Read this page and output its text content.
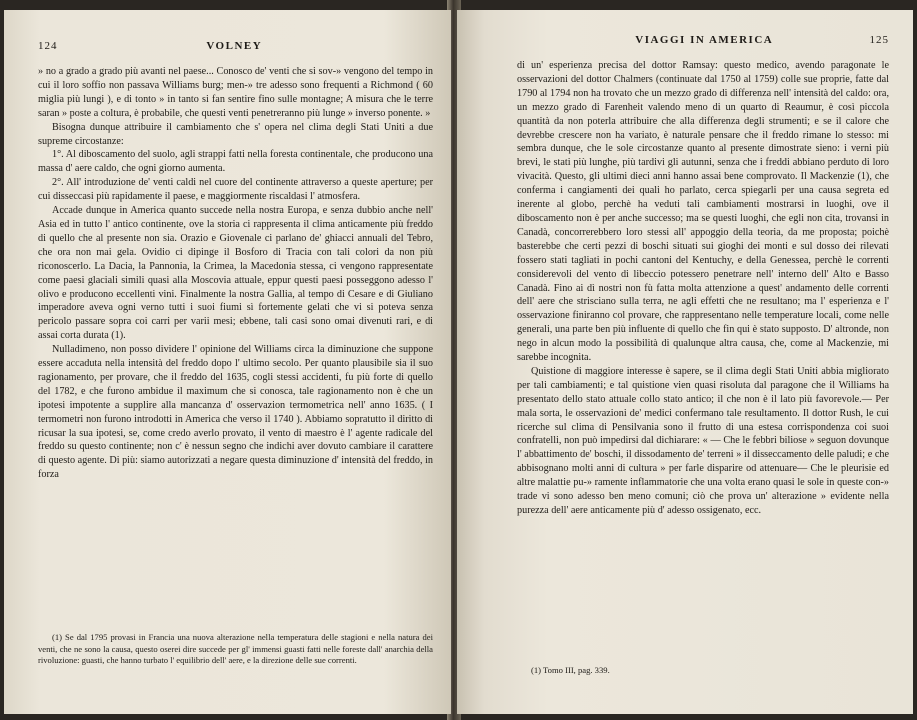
124	VOLNEY

» no a grado a grado più avanti nel paese... Conosco de' venti che si sov-» vengono del tempo in cui il loro soffio non passava Williams burg; men-» tre adesso sono frequenti a Richmond ( 60 miglia più lungi ), e di tonto » in tanto si fan sentire fino sulle montagne; A misura che le terre saran » poste a coltura, è probabile, che questi venti penetreranno più lunge » inverso ponente. »

Bisogna dunque attribuire il cambiamento che s' opera nel clima degli Stati Uniti a due supreme circostanze:

1°. Al diboscamento del suolo, agli strappi fatti nella foresta continentale, che producono una massa d' aere caldo, che ogni giorno aumenta.

2°. All' introduzione de' venti caldi nel cuore del continente attraverso a queste aperture; per cui disseccasi più rapidamente il paese, e maggiormente riscaldasi l' atmosfera.

Accade dunque in America quanto succede nella nostra Europa, e senza dubbio anche nell' Asia ed in tutto l' antico continente, ove la storia ci rappresenta il clima anticamente più freddo di quello che al presente non sia. Orazio e Giovenale ci parlano de' ghiacci annuali del Tebro, che ora non mai gela. Ovidio ci dipinge il Bosforo di Tracia con tali colori da non più riconoscerlo. La Dacia, la Pannonia, la Crimea, la Macedonia stessa, ci vengono rappresentate come paesi glaciali simili quasi alla Moscovia attuale, eppur questi paesi posseggono adesso l' olivo e producono eccellenti vini. Finalmente la nostra Gallia, al tempo di Cesare e di Giuliano imperadore aveva ogni verno tutti i suoi fiumi sì fortemente gelati che vi si poteva senza pericolo passare sopra coi carri per varii mesi; ebbene, tali casi sono omai divenuti rari, e di assai corta durata (1).

Nulladimeno, non posso dividere l' opinione del Williams circa la diminuzione che suppone essere accaduta nella intensità del freddo dopo l' ultimo secolo. Per quanto plausibile sia il suo ragionamento, per provare, che il freddo del 1635, cogli stessi accidenti, fu più forte di quello del 1782, e che furono ambidue il maximum che si conosca, tale ragionamento non è che un ipotesi impotente a supplire alla mancanza d' osservazion termometrica nell' anno 1635. ( I termometri non furono introdotti in America che verso il 1740 ). Abbiamo sopratutto il diritto di ricusar la sua ipotesi, se, come credo averlo provato, il vento di maestro è l' agente radicale del freddo su questo continente; non c' è nessun segno che indichi aver dovuto cambiare il carattere di questo agente. Di più: siamo autorizzati a negare questa diminuzione d' intensità del freddo, in forza

(1) Se dal 1795 provasi in Francia una nuova alterazione nella temperatura delle stagioni e nella natura dei venti, che ne sono la causa, questo oserei dire succede per gl' immensi guasti fatti nelle foreste dall' anarchia della rivoluzione: guasti, che hanno turbato l' equilibrio dell' aere, e la direzione delle sue correnti.

VIAGGI IN AMERICA	125

di un' esperienza precisa del dottor Ramsay: questo medico, avendo paragonate le osservazioni del dottor Chalmers (continuate dal 1750 al 1759) colle sue proprie, fatte dal 1790 al 1794 non ha trovato che un mezzo grado di differenza nell' intensità del caldo: ora, un mezzo grado di Farenheit valendo meno di un quarto di Reaumur, è così piccola quantità da non poterla attribuire che alla differenza degli strumenti; e se il calore che devrebbe crescere non ha variato, è naturale pensare che il freddo rimane lo stesso: mi sembra dunque, che le sole circostanze quanto al presente dimostrate sieno: i verni più brevi, le stati più lunghe, più tardivi gli autunni, senza che i freddi abbiano perduto di loro vivacità. Questo, gli ultimi dieci anni hanno assai bene comprovato. Il Mackenzie (1), che conferma i cangiamenti dei quali ho parlato, cerca spiegarli per una causa segreta ed inerente al globo, perchè ha veduti tali cambiamenti mostrarsi in luoghi, ove il diboscamento non è per anche successo; ma se questi luoghi, che egli non cita, trovansi in Canadà, concorrerebbero loro stessi all' appoggio della teoria, da me proposta; poichè basterebbe che certi pezzi di boschi situati sui gioghi dei monti e sul dosso dei rilevati fossero stati tagliati in pochi cantoni del Kentuchy, e della Genessea, perchè le correnti considerevoli del vento di libeccio potessero penetrare nell' interno dell' Alto e Basso Canadà. Fino ai dì nostri non fù fatta molta attenzione a quest' andamento delle correnti dell' aere che strisciano sulla terra, ne agli effetti che ne resultano; ma l' esperienza e l' osservazione finiranno col provare, che rappresentano nelle temperature locali, come nelle generali, una parte ben più influente di quello che fin qui è stato supposto. D' altronde, non nego in alcun modo la possibilità di qualunque altra causa, che, come al Mackenzie, mi sarebbe incognita.

Quistione di maggiore interesse è sapere, se il clima degli Stati Uniti abbia migliorato per tali cambiamenti; e tal quistione vien quasi risoluta dal paragone che il Williams ha presentato dello stato attuale collo stato antico; il che non è il lato più favorevole.— Per mala sorta, le osservazioni de' medici confermano tale resultamento. Il dottor Rush, le cui ricerche sul clima di Pensilvania sono il frutto di una estesa corrispondenza coi suoi confratelli, non può impedirsi dal dichiarare: « — Che le febbri biliose » seguon dovunque l' abbattimento de' boschi, il dissodamento de' terreni » il disseccamento delle paludi; e che abbisognano molti anni di cultura » per farle disparire od attenuare— Che le pleurisie ed altre malattie pu-» ramente inflammatorie che una volta erano quasi le sole in queste con-» trade vi sono adesso ben meno comuni; ciò che prova un' alterazione » evidente nella purezza dell' aere anticamente più d' adesso ossigenato, ecc.

(1) Tomo III, pag. 339.
